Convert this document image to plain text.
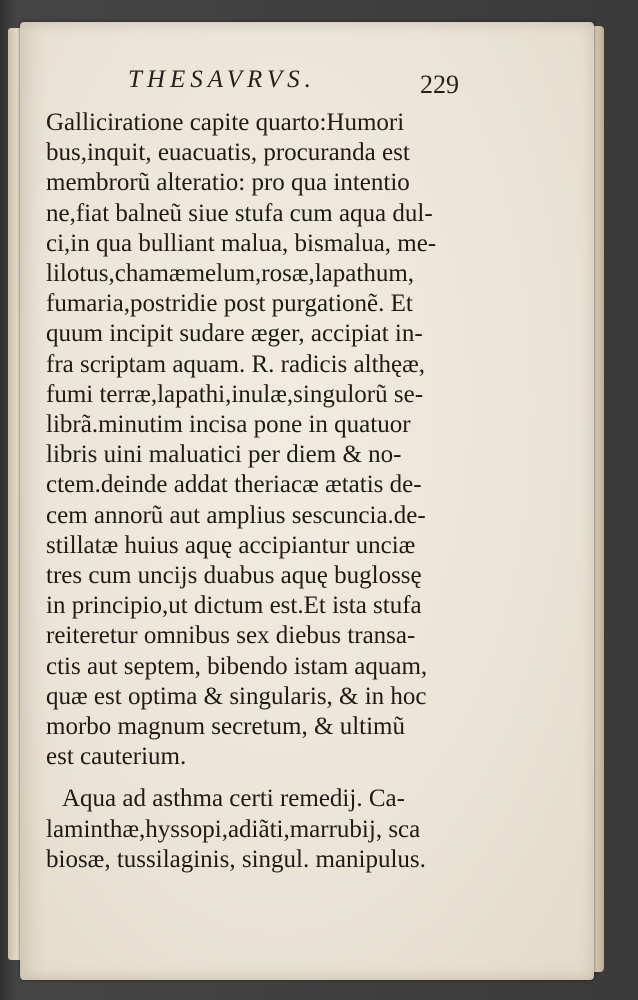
THESAVRVS.	229
Galliciratione capite quarto:Humori
bus,inquit, euacuatis, procuranda est
membrorũ alteratio: pro qua intentio
ne,fiat balneũ siue stufa cum aqua dul-
ci,in qua bulliant malua, bismalua, me-
lilotus,chamæmelum,rosæ,lapathum,
fumaria,postridie post purgationẽ. Et
quum incipit sudare æger, accipiat in-
fra scriptam aquam. R. radicis althęæ,
fumi terræ,lapathi,inulæ,singulorũ se-
librã.minutim incisa pone in quatuor
libris uini maluatici per diem & no-
ctem.deinde addat theriacæ ætatis de-
cem annorũ aut amplius sescuncia.de-
stillatæ huius aquę accipiantur unciæ
tres cum uncijs duabus aquę buglossę
in principio,ut dictum est.Et ista stufa
reiteretur omnibus sex diebus transa-
ctis aut septem, bibendo istam aquam,
quæ est optima & singularis, & in hoc
morbo magnum secretum, & ultimũ
est cauterium.
Aqua ad asthma certi remedij. Ca-
laminthæ,hyssopi,adiãti,marrubij, sca
biosæ, tussilaginis, singul. manipulus.
